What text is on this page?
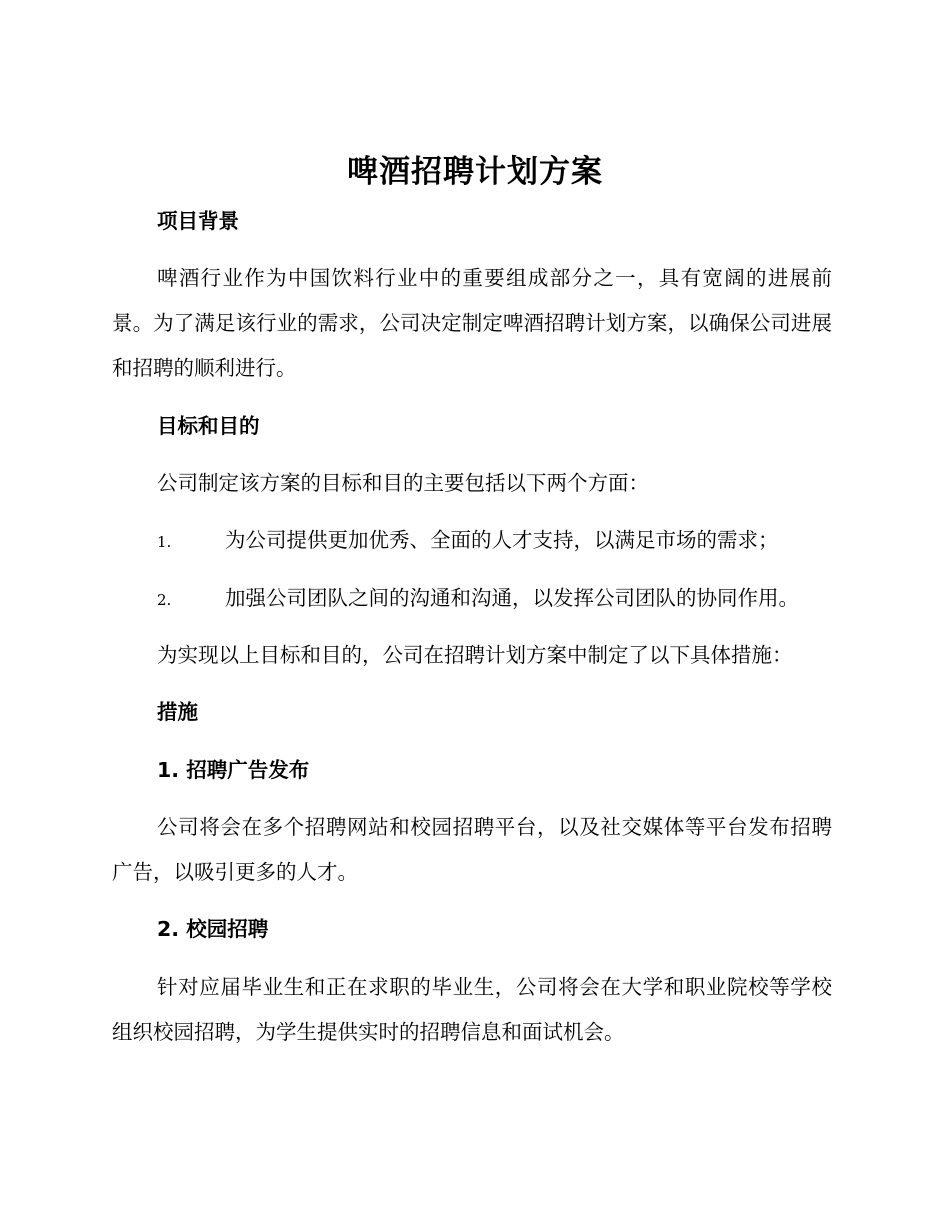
啤酒招聘计划方案
项目背景
啤酒行业作为中国饮料行业中的重要组成部分之一，具有宽阔的进展前景。为了满足该行业的需求，公司决定制定啤酒招聘计划方案，以确保公司进展和招聘的顺利进行。
目标和目的
公司制定该方案的目标和目的主要包括以下两个方面：
1.	为公司提供更加优秀、全面的人才支持，以满足市场的需求；
2.	加强公司团队之间的沟通和沟通，以发挥公司团队的协同作用。
为实现以上目标和目的，公司在招聘计划方案中制定了以下具体措施：
措施
1. 招聘广告发布
公司将会在多个招聘网站和校园招聘平台，以及社交媒体等平台发布招聘广告，以吸引更多的人才。
2. 校园招聘
针对应届毕业生和正在求职的毕业生，公司将会在大学和职业院校等学校组织校园招聘，为学生提供实时的招聘信息和面试机会。
